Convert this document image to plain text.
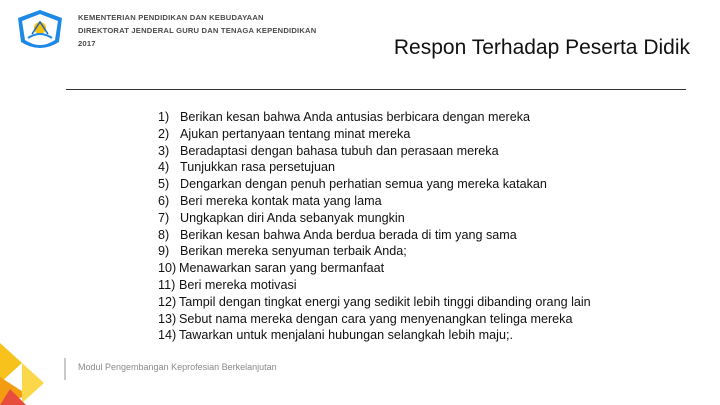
KEMENTERIAN PENDIDIKAN DAN KEBUDAYAAN
DIREKTORAT JENDERAL GURU DAN TENAGA KEPENDIDIKAN
2017	Respon Terhadap Peserta Didik
1) Berikan kesan bahwa Anda antusias berbicara dengan mereka
2) Ajukan pertanyaan tentang minat mereka
3) Beradaptasi dengan bahasa tubuh dan perasaan mereka
4) Tunjukkan rasa persetujuan
5) Dengarkan dengan penuh perhatian semua yang mereka katakan
6) Beri mereka kontak mata yang lama
7) Ungkapkan diri Anda sebanyak mungkin
8) Berikan kesan bahwa Anda berdua berada di tim yang sama
9) Berikan mereka senyuman terbaik Anda;
10) Menawarkan saran yang bermanfaat
11) Beri mereka motivasi
12) Tampil dengan tingkat energi yang sedikit lebih tinggi dibanding orang lain
13) Sebut nama mereka dengan cara yang menyenangkan telinga mereka
14) Tawarkan untuk menjalani hubungan selangkah lebih maju;.
Modul Pengembangan Keprofesian Berkelanjutan
